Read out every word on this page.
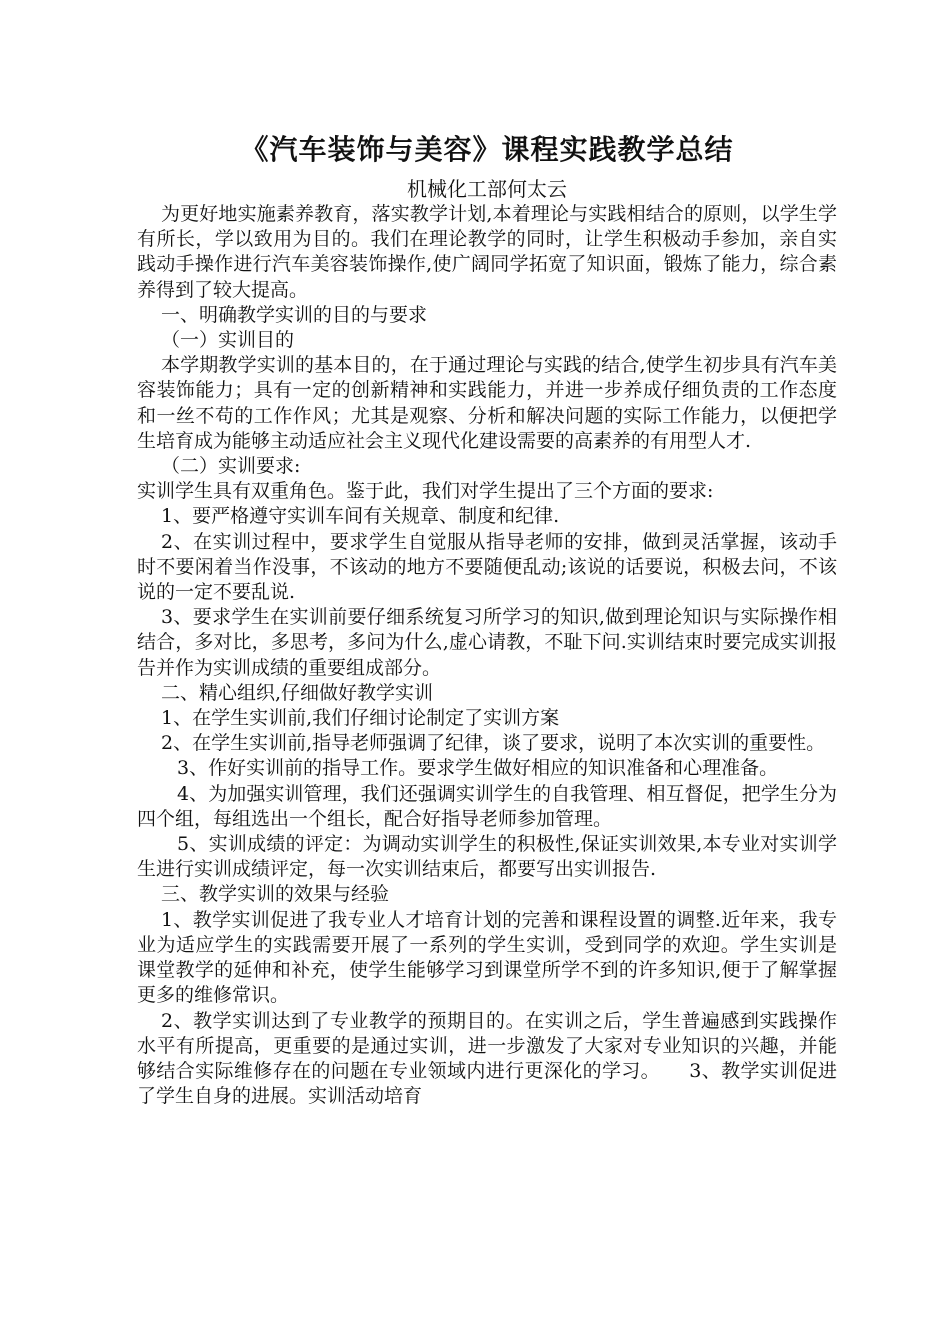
《汽车装饰与美容》课程实践教学总结
机械化工部何太云

为更好地实施素养教育，落实教学计划,本着理论与实践相结合的原则，以学生学有所长，学以致用为目的。我们在理论教学的同时，让学生积极动手参加，亲自实践动手操作进行汽车美容装饰操作,使广阔同学拓宽了知识面，锻炼了能力，综合素养得到了较大提高。

一、明确教学实训的目的与要求

（一）实训目的

本学期教学实训的基本目的，在于通过理论与实践的结合,使学生初步具有汽车美容装饰能力；具有一定的创新精神和实践能力，并进一步养成仔细负责的工作态度和一丝不苟的工作作风；尤其是观察、分析和解决问题的实际工作能力，以便把学生培育成为能够主动适应社会主义现代化建设需要的高素养的有用型人才.

（二）实训要求:

实训学生具有双重角色。鉴于此，我们对学生提出了三个方面的要求:

1、要严格遵守实训车间有关规章、制度和纪律.

2、在实训过程中，要求学生自觉服从指导老师的安排，做到灵活掌握，该动手时不要闲着当作没事，不该动的地方不要随便乱动;该说的话要说，积极去问，不该说的一定不要乱说.

3、要求学生在实训前要仔细系统复习所学习的知识,做到理论知识与实际操作相结合，多对比，多思考，多问为什么,虚心请教，不耻下问.实训结束时要完成实训报告并作为实训成绩的重要组成部分。

二、精心组织,仔细做好教学实训

1、在学生实训前,我们仔细讨论制定了实训方案

2、在学生实训前,指导老师强调了纪律，谈了要求，说明了本次实训的重要性。

3、作好实训前的指导工作。要求学生做好相应的知识准备和心理准备。

4、为加强实训管理，我们还强调实训学生的自我管理、相互督促，把学生分为四个组，每组选出一个组长，配合好指导老师参加管理。

5、实训成绩的评定：为调动实训学生的积极性,保证实训效果,本专业对实训学生进行实训成绩评定，每一次实训结束后，都要写出实训报告.

三、教学实训的效果与经验

1、教学实训促进了我专业人才培育计划的完善和课程设置的调整.近年来，我专业为适应学生的实践需要开展了一系列的学生实训，受到同学的欢迎。学生实训是课堂教学的延伸和补充，使学生能够学习到课堂所学不到的许多知识,便于了解掌握更多的维修常识。

2、教学实训达到了专业教学的预期目的。在实训之后，学生普遍感到实践操作水平有所提高，更重要的是通过实训，进一步激发了大家对专业知识的兴趣，并能够结合实际维修存在的问题在专业领域内进行更深化的学习。　　3、教学实训促进了学生自身的进展。实训活动培育
